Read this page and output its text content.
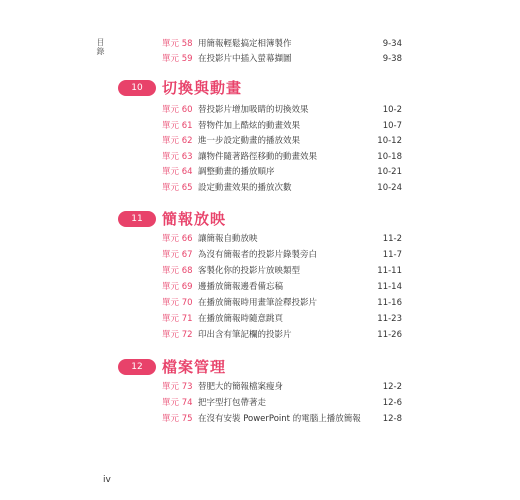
目錄	單元 58 用簡報輕鬆搞定相簿製作	9-34
單元 59 在投影片中插入螢幕擷圖	9-38
10	切換與動畫
單元 60 替投影片增加吸睛的切換效果	10-2
單元 61 替物件加上酷炫的動畫效果	10-7
單元 62 進一步設定動畫的播放效果	10-12
單元 63 讓物件隨著路徑移動的動畫效果	10-18
單元 64 調整動畫的播放順序	10-21
單元 65 設定動畫效果的播放次數	10-24
11	簡報放映
單元 66 讓簡報自動放映	11-2
單元 67 為沒有簡報者的投影片錄製旁白	11-7
單元 68 客製化你的投影片放映類型	11-11
單元 69 邊播放簡報邊看備忘稿	11-14
單元 70 在播放簡報時用畫筆詮釋投影片	11-16
單元 71 在播放簡報時隨意跳頁	11-23
單元 72 印出含有筆記欄的投影片	11-26
12	檔案管理
單元 73 替肥大的簡報檔案瘦身	12-2
單元 74 把字型打包帶著走	12-6
單元 75 在沒有安裝 PowerPoint 的電腦上播放簡報	12-8
iv
